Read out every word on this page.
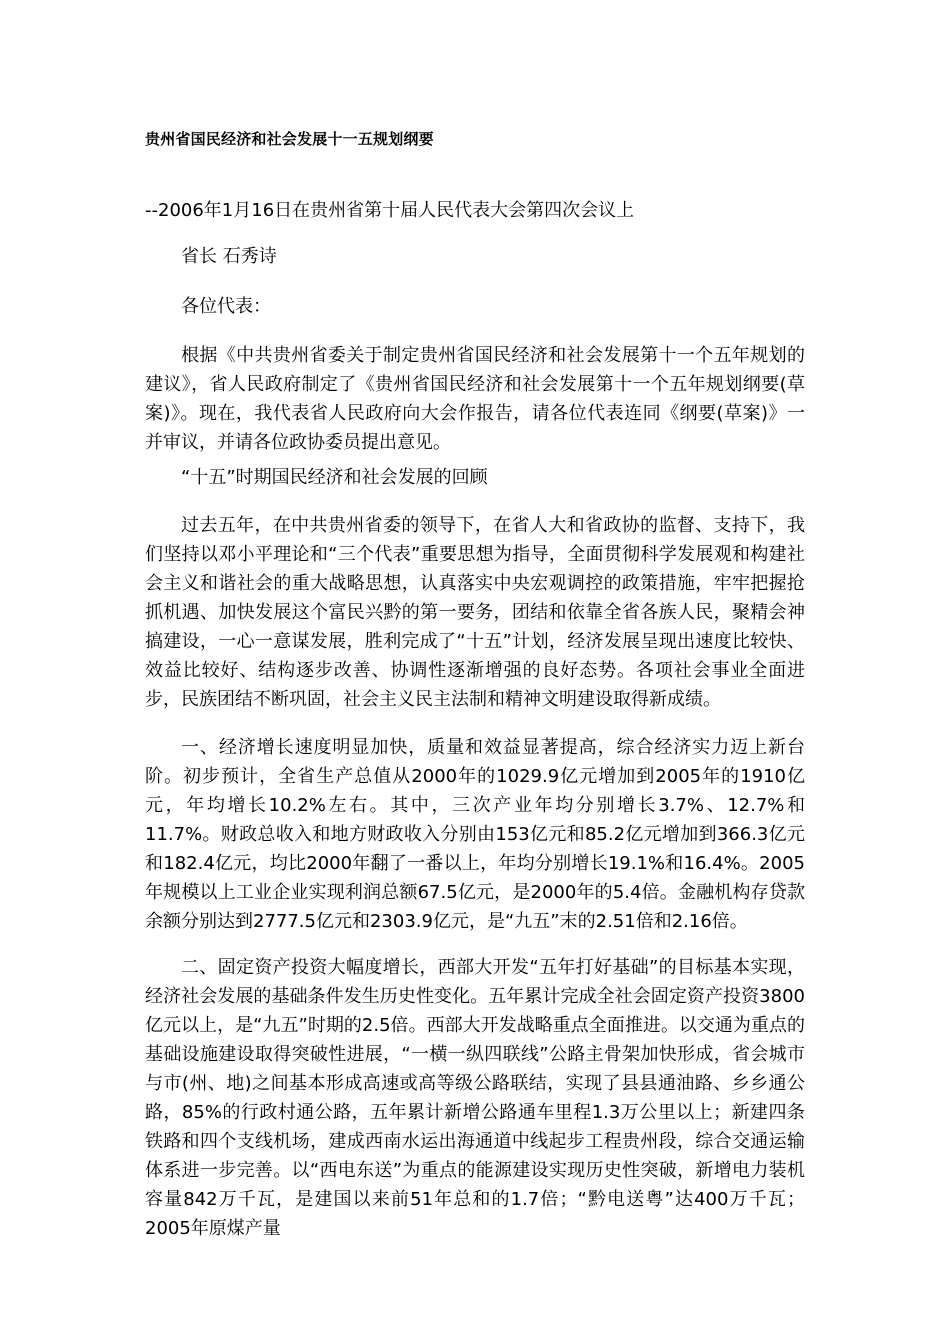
贵州省国民经济和社会发展十一五规划纲要
--2006年1月16日在贵州省第十届人民代表大会第四次会议上
省长 石秀诗
各位代表：
根据《中共贵州省委关于制定贵州省国民经济和社会发展第十一个五年规划的建议》，省人民政府制定了《贵州省国民经济和社会发展第十一个五年规划纲要(草案)》。现在，我代表省人民政府向大会作报告，请各位代表连同《纲要(草案)》一并审议，并请各位政协委员提出意见。
“十五”时期国民经济和社会发展的回顾
过去五年，在中共贵州省委的领导下，在省人大和省政协的监督、支持下，我们坚持以邓小平理论和“三个代表”重要思想为指导，全面贯彻科学发展观和构建社会主义和谐社会的重大战略思想，认真落实中央宏观调控的政策措施，牢牢把握抢抓机遇、加快发展这个富民兴黔的第一要务，团结和依靠全省各族人民，聚精会神搞建设，一心一意谋发展，胜利完成了“十五”计划，经济发展呈现出速度比较快、效益比较好、结构逐步改善、协调性逐渐增强的良好态势。各项社会事业全面进步，民族团结不断巩固，社会主义民主法制和精神文明建设取得新成绩。
一、经济增长速度明显加快，质量和效益显著提高，综合经济实力迈上新台阶。初步预计，全省生产总值从2000年的1029.9亿元增加到2005年的1910亿元，年均增长10.2%左右。其中，三次产业年均分别增长3.7%、12.7%和11.7%。财政总收入和地方财政收入分别由153亿元和85.2亿元增加到366.3亿元和182.4亿元，均比2000年翻了一番以上，年均分别增长19.1%和16.4%。2005年规模以上工业企业实现利润总额67.5亿元，是2000年的5.4倍。金融机构存贷款余额分别达到2777.5亿元和2303.9亿元，是“九五”末的2.51倍和2.16倍。
二、固定资产投资大幅度增长，西部大开发“五年打好基础”的目标基本实现，经济社会发展的基础条件发生历史性变化。五年累计完成全社会固定资产投资3800亿元以上，是“九五”时期的2.5倍。西部大开发战略重点全面推进。以交通为重点的基础设施建设取得突破性进展，“一横一纵四联线”公路主骨架加快形成，省会城市与市(州、地)之间基本形成高速或高等级公路联结，实现了县县通油路、乡乡通公路，85%的行政村通公路，五年累计新增公路通车里程1.3万公里以上；新建四条铁路和四个支线机场，建成西南水运出海通道中线起步工程贵州段，综合交通运输体系进一步完善。以“西电东送”为重点的能源建设实现历史性突破，新增电力装机容量842万千瓦，是建国以来前51年总和的1.7倍；“黔电送粤”达400万千瓦；2005年原煤产量
